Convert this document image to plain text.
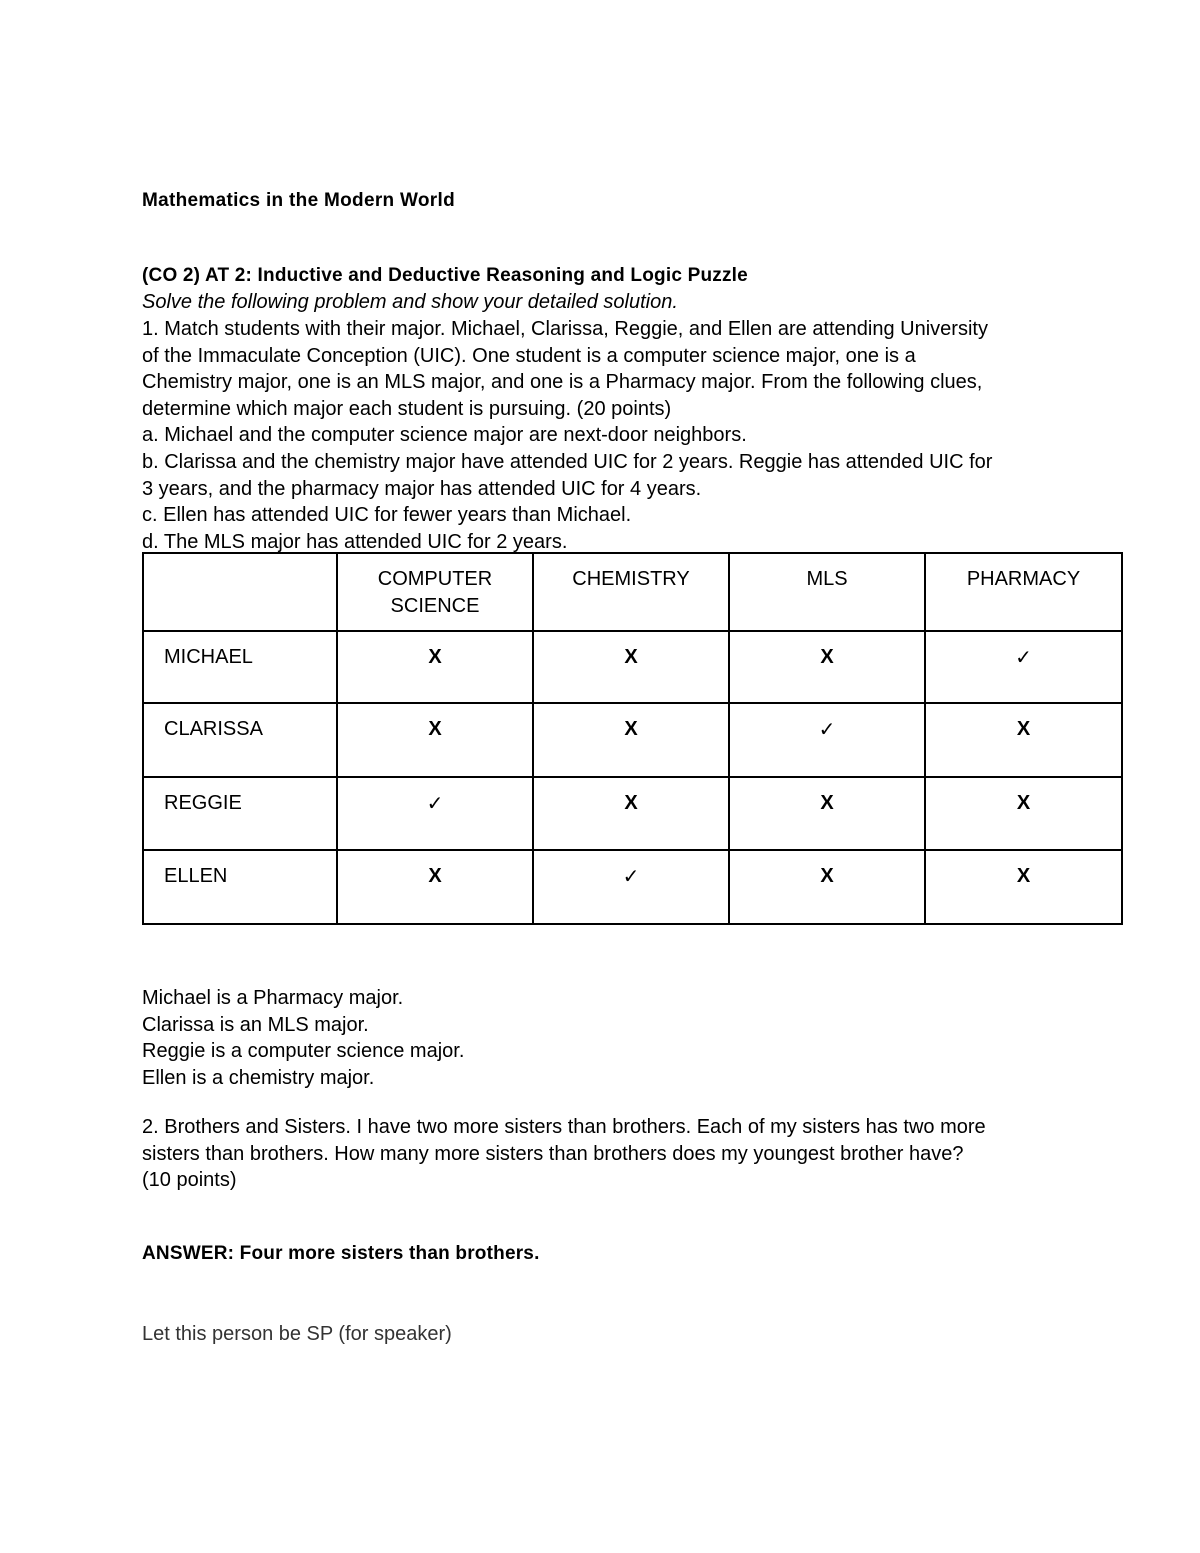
Mathematics in the Modern World

(CO 2) AT 2: Inductive and Deductive Reasoning and Logic Puzzle

Solve the following problem and show your detailed solution.

1. Match students with their major. Michael, Clarissa, Reggie, and Ellen are attending University

of the Immaculate Conception (UIC). One student is a computer science major, one is a

Chemistry major, one is an MLS major, and one is a Pharmacy major. From the following clues,

determine which major each student is pursuing. (20 points)

a. Michael and the computer science major are next-door neighbors.

b. Clarissa and the chemistry major have attended UIC for 2 years. Reggie has attended UIC for

3 years, and the pharmacy major has attended UIC for 4 years.

c. Ellen has attended UIC for fewer years than Michael.

d. The MLS major has attended UIC for 2 years.

	COMPUTER SCIENCE	CHEMISTRY	MLS	PHARMACY
MICHAEL	X	X	X	✓
CLARISSA	X	X	✓	X
REGGIE	✓	X	X	X
ELLEN	X	✓	X	X

Michael is a Pharmacy major.

Clarissa is an MLS major.

Reggie is a computer science major.

Ellen is a chemistry major.

2. Brothers and Sisters. I have two more sisters than brothers. Each of my sisters has two more

sisters than brothers. How many more sisters than brothers does my youngest brother have?

(10 points)

ANSWER: Four more sisters than brothers.

Let this person be SP (for speaker)
